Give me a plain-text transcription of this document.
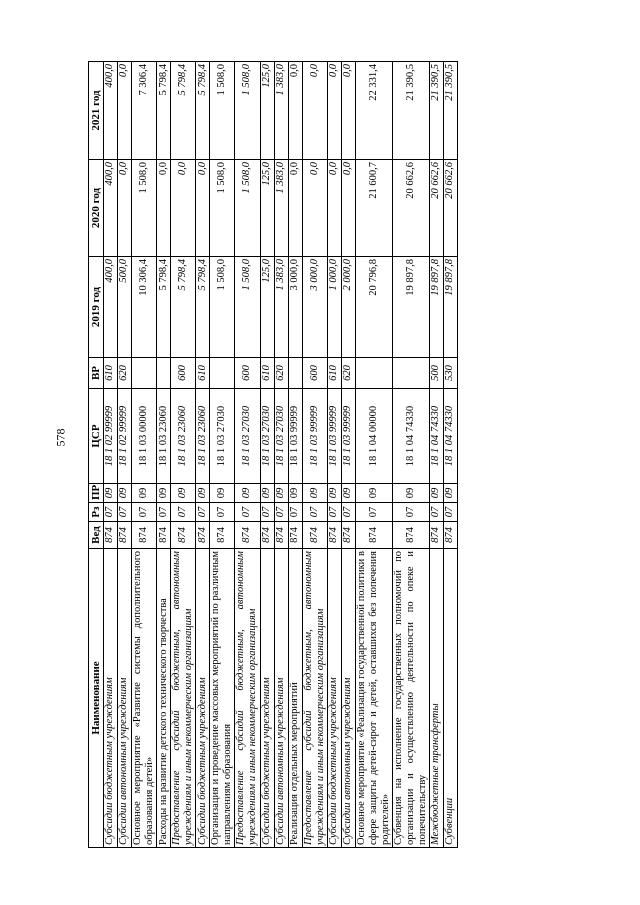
578
Наименование	Вед	Рз	ПР	ЦСР	ВР	2019 год	2020 год	2021 год
Субсидии бюджетным учреждениям	874	07	09	18 1 02 99999	610	400,0	400,0	400,0
Субсидии автономным учреждениям	874	07	09	18 1 02 99999	620	500,0	0,0	0,0
Основное мероприятие «Развитие системы дополнительного образования детей»	874	07	09	18 1 03 00000		10 306,4	1 508,0	7 306,4
Расходы на развитие детского технического творчества	874	07	09	18 1 03 23060		5 798,4	0,0	5 798,4
Предоставление субсидий бюджетным, автономным учреждениям и иным некоммерческим организациям	874	07	09	18 1 03 23060	600	5 798,4	0,0	5 798,4
Субсидии бюджетным учреждениям	874	07	09	18 1 03 23060	610	5 798,4	0,0	5 798,4
Организация и проведение массовых мероприятий по различным направлениям образования	874	07	09	18 1 03 27030		1 508,0	1 508,0	1 508,0
Предоставление субсидий бюджетным, автономным учреждениям и иным некоммерческим организациям	874	07	09	18 1 03 27030	600	1 508,0	1 508,0	1 508,0
Субсидии бюджетным учреждениям	874	07	09	18 1 03 27030	610	125,0	125,0	125,0
Субсидии автономным учреждениям	874	07	09	18 1 03 27030	620	1 383,0	1 383,0	1 383,0
Реализация отдельных мероприятий	874	07	09	18 1 03 99999		3 000,0	0,0	0,0
Предоставление субсидий бюджетным, автономным учреждениям и иным некоммерческим организациям	874	07	09	18 1 03 99999	600	3 000,0	0,0	0,0
Субсидии бюджетным учреждениям	874	07	09	18 1 03 99999	610	1 000,0	0,0	0,0
Субсидии автономным учреждениям	874	07	09	18 1 03 99999	620	2 000,0	0,0	0,0
Основное мероприятие «Реализация государственной политики в сфере защиты детей-сирот и детей, оставшихся без попечения родителей»	874	07	09	18 1 04 00000		20 796,8	21 600,7	22 331,4
Субвенция на исполнение государственных полномочий по организации и осуществлению деятельности по опеке и попечительству	874	07	09	18 1 04 74330		19 897,8	20 662,6	21 390,5
Межбюджетные трансферты	874	07	09	18 1 04 74330	500	19 897,8	20 662,6	21 390,5
Субвенции	874	07	09	18 1 04 74330	530	19 897,8	20 662,6	21 390,5
